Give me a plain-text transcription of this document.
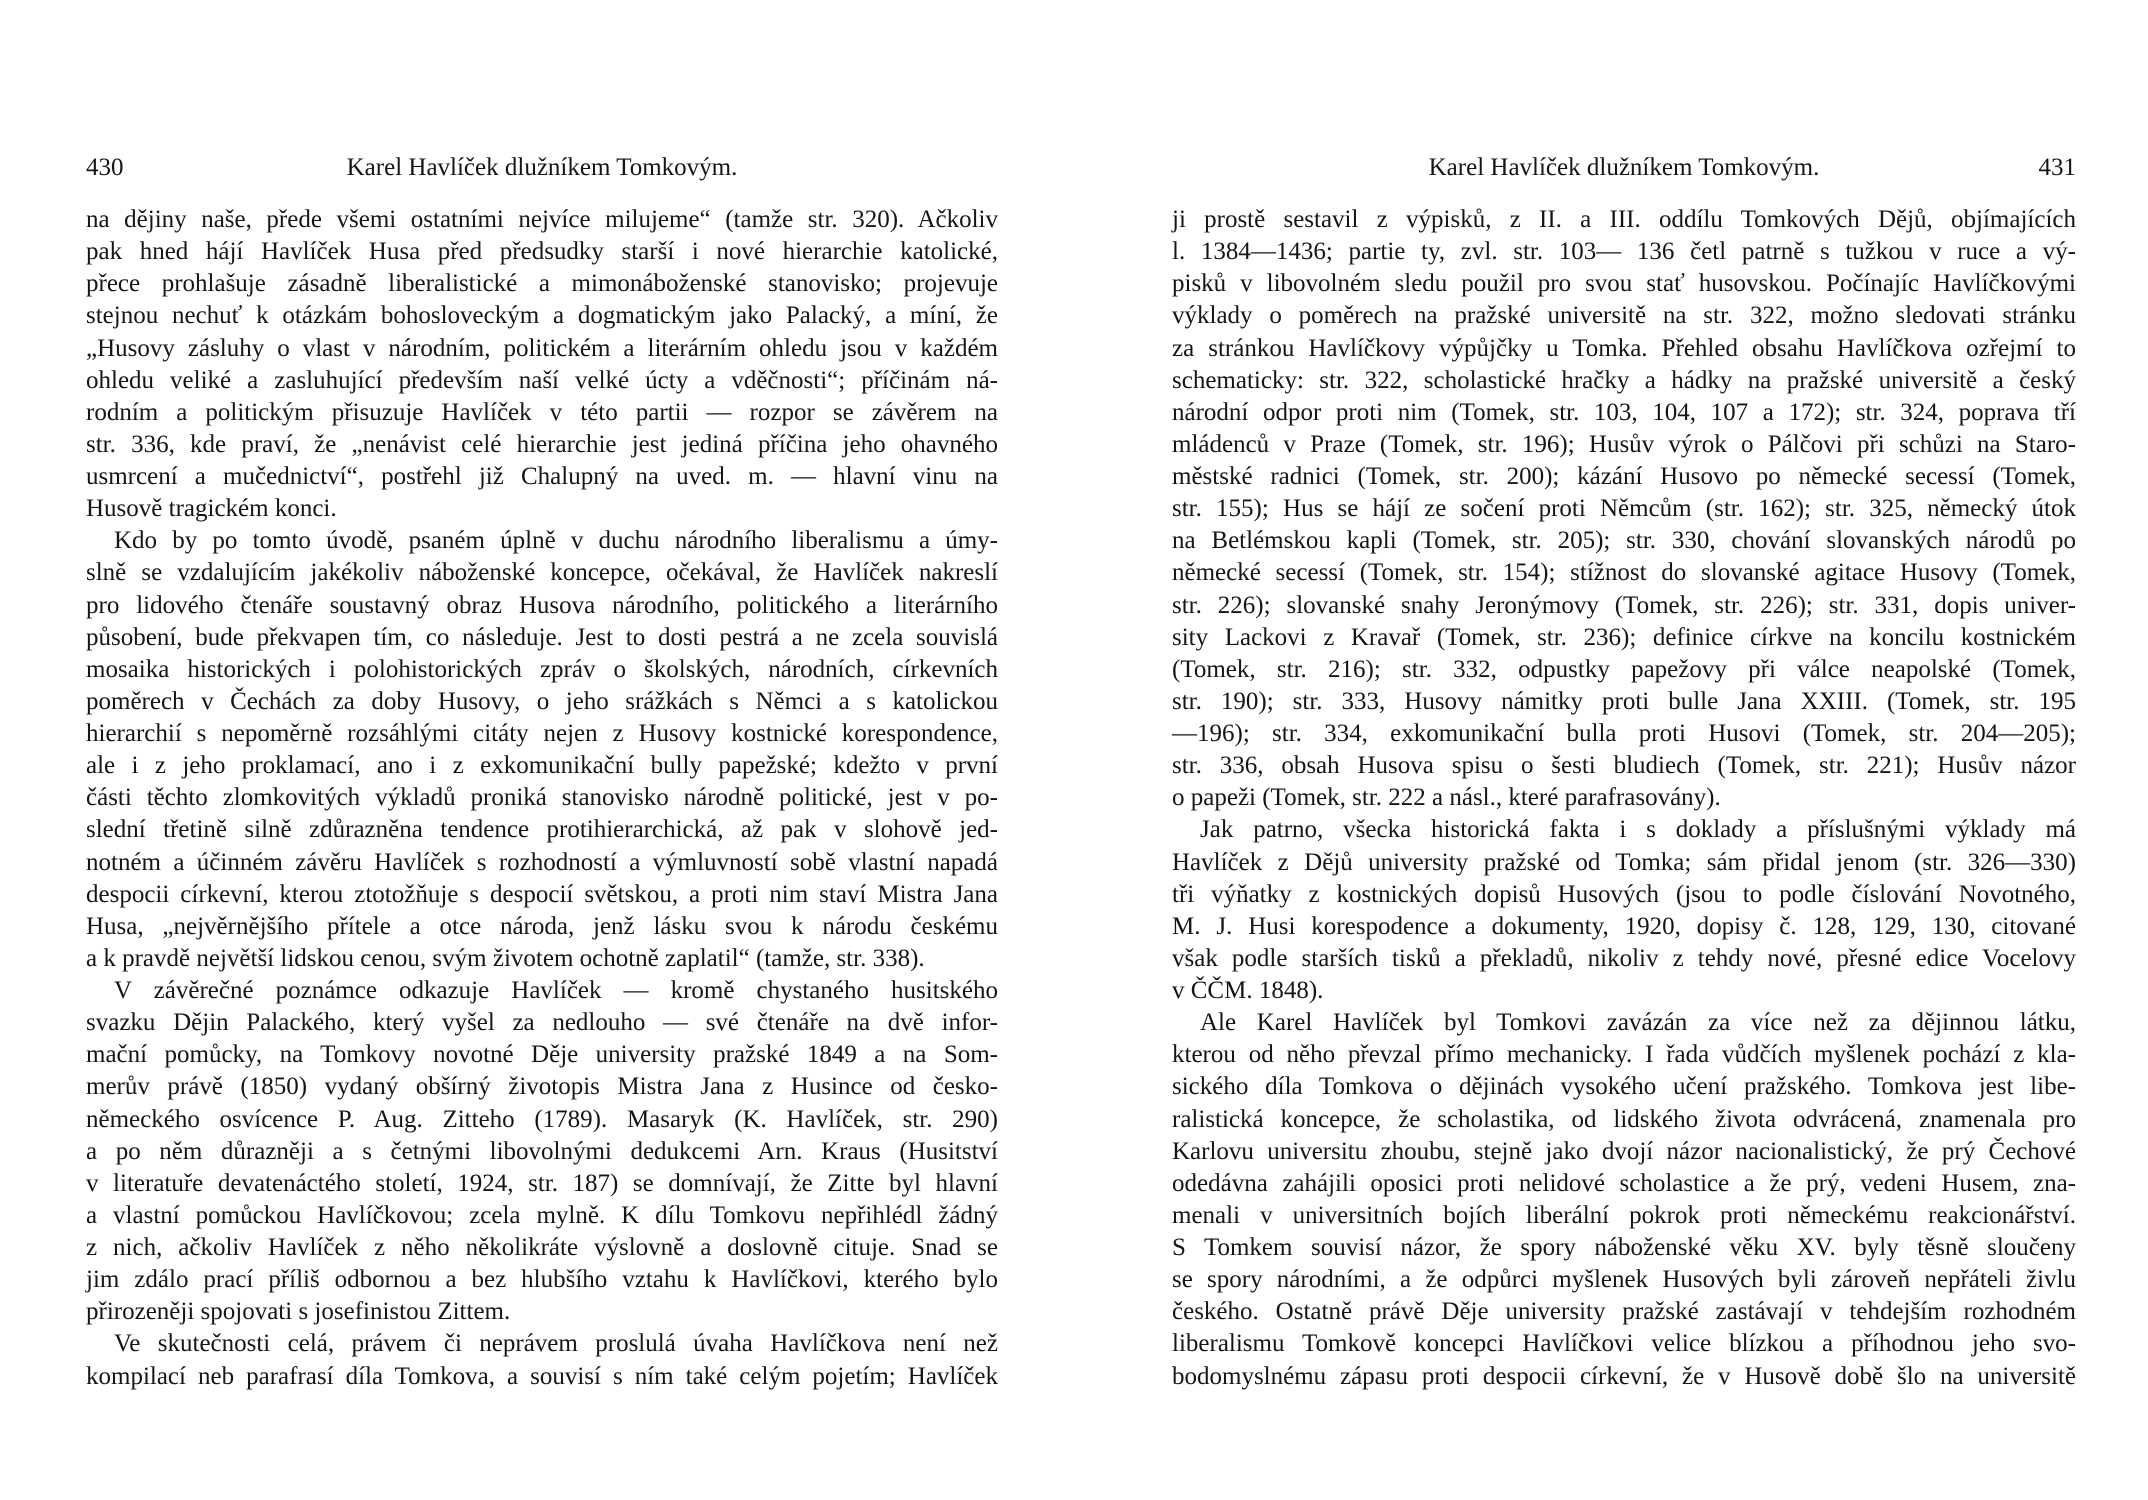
430	Karel Havlíček dlužníkem Tomkovým.
na dějiny naše, přede všemi ostatními nejvíce milujeme“ (tamže str. 320). Ačkoliv
pak hned hájí Havlíček Husa před předsudky starší i nové hierarchie katolické,
přece prohlašuje zásadně liberalistické a mimonáboženské stanovisko; projevuje
stejnou nechuť k otázkám bohosloveckým a dogmatickým jako Palacký, a míní, že
„Husovy zásluhy o vlast v národním, politickém a literárním ohledu jsou v každém
ohledu veliké a zasluhující především naší velké úcty a vděčnosti“; příčinám ná-
rodním a politickým přisuzuje Havlíček v této partii — rozpor se závěrem na
str. 336, kde praví, že „nenávist celé hierarchie jest jediná příčina jeho ohavného
usmrcení a mučednictví“, postřehl již Chalupný na uved. m. — hlavní vinu na
Husově tragickém konci.
Kdo by po tomto úvodě, psaném úplně v duchu národního liberalismu a úmy-
slně se vzdalujícím jakékoliv náboženské koncepce, očekával, že Havlíček nakreslí
pro lidového čtenáře soustavný obraz Husova národního, politického a literárního
působení, bude překvapen tím, co následuje. Jest to dosti pestrá a ne zcela souvislá
mosaika historických i polohistorických zpráv o školských, národních, církevních
poměrech v Čechách za doby Husovy, o jeho srážkách s Němci a s katolickou
hierarchií s nepoměrně rozsáhlými citáty nejen z Husovy kostnické korespondence,
ale i z jeho proklamací, ano i z exkomunikační bully papežské; kdežto v první
části těchto zlomkovitých výkladů proniká stanovisko národně politické, jest v po-
slední třetině silně zdůrazněna tendence protihierarchická, až pak v slohově jed-
notném a účinném závěru Havlíček s rozhodností a výmluvností sobě vlastní napadá
despocii církevní, kterou ztotožňuje s despocií světskou, a proti nim staví Mistra Jana
Husa, „nejvěrnějšího přítele a otce národa, jenž lásku svou k národu českému
a k pravdě největší lidskou cenou, svým životem ochotně zaplatil“ (tamže, str. 338).
V závěrečné poznámce odkazuje Havlíček — kromě chystaného husitského
svazku Dějin Palackého, který vyšel za nedlouho — své čtenáře na dvě infor-
mační pomůcky, na Tomkovy novotné Děje university pražské 1849 a na Som-
merův právě (1850) vydaný obšírný životopis Mistra Jana z Husince od česko-
německého osvícence P. Aug. Zitteho (1789). Masaryk (K. Havlíček, str. 290)
a po něm důrazněji a s četnými libovolnými dedukcemi Arn. Kraus (Husitství
v literatuře devatenáctého století, 1924, str. 187) se domnívají, že Zitte byl hlavní
a vlastní pomůckou Havlíčkovou; zcela mylně. K dílu Tomkovu nepřihlédl žádný
z nich, ačkoliv Havlíček z něho několikráte výslovně a doslovně cituje. Snad se
jim zdálo prací příliš odbornou a bez hlubšího vztahu k Havlíčkovi, kterého bylo
přirozeněji spojovati s josefinistou Zittem.
Ve skutečnosti celá, právem či neprávem proslulá úvaha Havlíčkova není než
kompilací neb parafrasí díla Tomkova, a souvisí s ním také celým pojetím; Havlíček
Karel Havlíček dlužníkem Tomkovým.	431
ji prostě sestavil z výpisků, z II. a III. oddílu Tomkových Dějů, objímajících
l. 1384—1436; partie ty, zvl. str. 103— 136 četl patrně s tužkou v ruce a vý-
pisků v libovolném sledu použil pro svou stať husovskou. Počínajíc Havlíčkovými
výklady o poměrech na pražské universitě na str. 322, možno sledovati stránku
za stránkou Havlíčkovy výpůjčky u Tomka. Přehled obsahu Havlíčkova ozřejmí to
schematicky: str. 322, scholastické hračky a hádky na pražské universitě a český
národní odpor proti nim (Tomek, str. 103, 104, 107 a 172); str. 324, poprava tří
mládenců v Praze (Tomek, str. 196); Husův výrok o Pálčovi při schůzi na Staro-
městské radnici (Tomek, str. 200); kázání Husovo po německé secessí (Tomek,
str. 155); Hus se hájí ze sočení proti Němcům (str. 162); str. 325, německý útok
na Betlémskou kapli (Tomek, str. 205); str. 330, chování slovanských národů po
německé secessí (Tomek, str. 154); stížnost do slovanské agitace Husovy (Tomek,
str. 226); slovanské snahy Jeronýmovy (Tomek, str. 226); str. 331, dopis univer-
sity Lackovi z Kravař (Tomek, str. 236); definice církve na koncilu kostnickém
(Tomek, str. 216); str. 332, odpustky papežovy při válce neapolské (Tomek,
str. 190); str. 333, Husovy námitky proti bulle Jana XXIII. (Tomek, str. 195
—196); str. 334, exkomunikační bulla proti Husovi (Tomek, str. 204—205);
str. 336, obsah Husova spisu o šesti bludiech (Tomek, str. 221); Husův názor
o papeži (Tomek, str. 222 a násl., které parafrasovány).
Jak patrno, všecka historická fakta i s doklady a příslušnými výklady má
Havlíček z Dějů university pražské od Tomka; sám přidal jenom (str. 326—330)
tři výňatky z kostnických dopisů Husových (jsou to podle číslování Novotného,
M. J. Husi korespodence a dokumenty, 1920, dopisy č. 128, 129, 130, citované
však podle starších tisků a překladů, nikoliv z tehdy nové, přesné edice Vocelovy
v ČČM. 1848).
Ale Karel Havlíček byl Tomkovi zavázán za více než za dějinnou látku,
kterou od něho převzal přímo mechanicky. I řada vůdčích myšlenek pochází z kla-
sického díla Tomkova o dějinách vysokého učení pražského. Tomkova jest libe-
ralistická koncepce, že scholastika, od lidského života odvrácená, znamenala pro
Karlovu universitu zhoubu, stejně jako dvojí názor nacionalistický, že prý Čechové
odedávna zahájili oposici proti nelidové scholastice a že prý, vedeni Husem, zna-
menali v universitních bojích liberální pokrok proti německému reakcionářství.
S Tomkem souvisí názor, že spory náboženské věku XV. byly těsně sloučeny
se spory národními, a že odpůrci myšlenek Husových byli zároveň nepřáteli živlu
českého. Ostatně právě Děje university pražské zastávají v tehdejším rozhodném
liberalismu Tomkově koncepci Havlíčkovi velice blízkou a příhodnou jeho svo-
bodomyslnému zápasu proti despocii církevní, že v Husově době šlo na universitě
